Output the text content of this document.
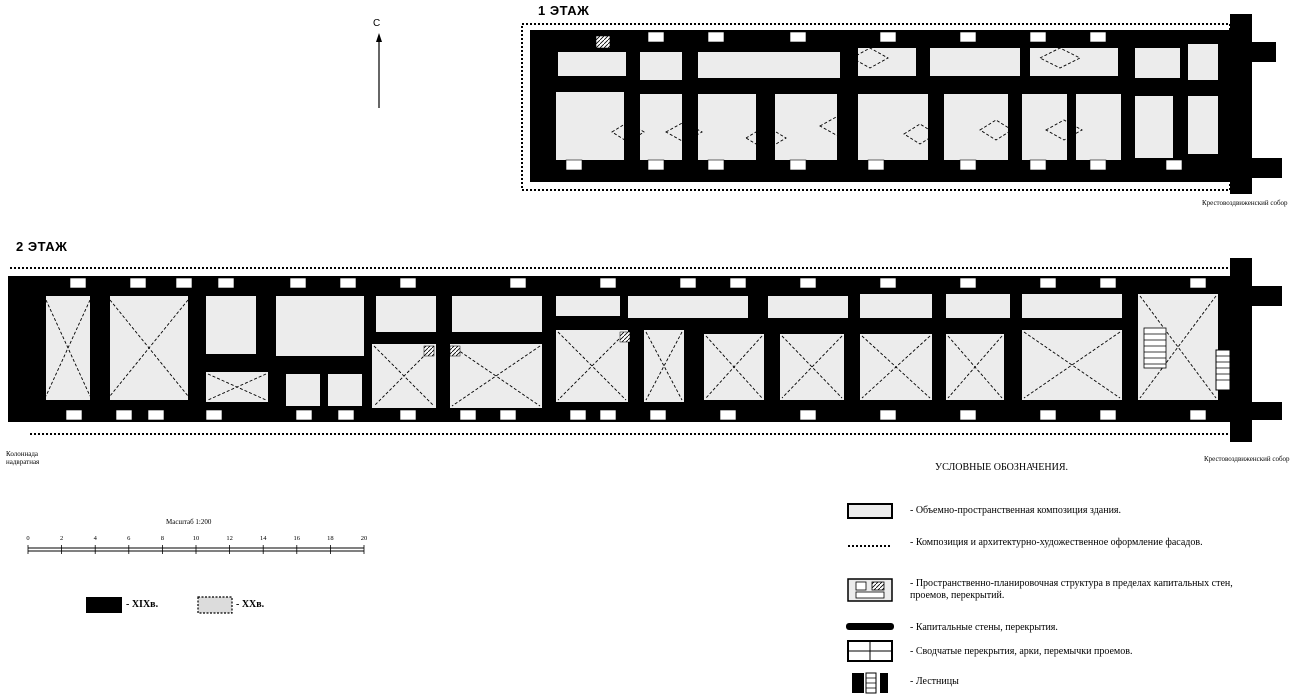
С
1 ЭТАЖ
2 ЭТАЖ
Крестовоздвиженский собор
Колоннада надвратная	Крестовоздвиженский собор
Масштаб 1:200
0	2	4	6	8	10	12	14	16	18	20
- XIXв.	- XXв.
УСЛОВНЫЕ ОБОЗНАЧЕНИЯ.
- Объемно-пространственная композиция здания.
- Композиция и архитектурно-художественное оформление фасадов.
- Пространственно-планировочная структура в пределах капитальных стен, проемов, перекрытий.
- Капитальные стены, перекрытия.
- Сводчатые перекрытия, арки, перемычки проемов.
- Лестницы
